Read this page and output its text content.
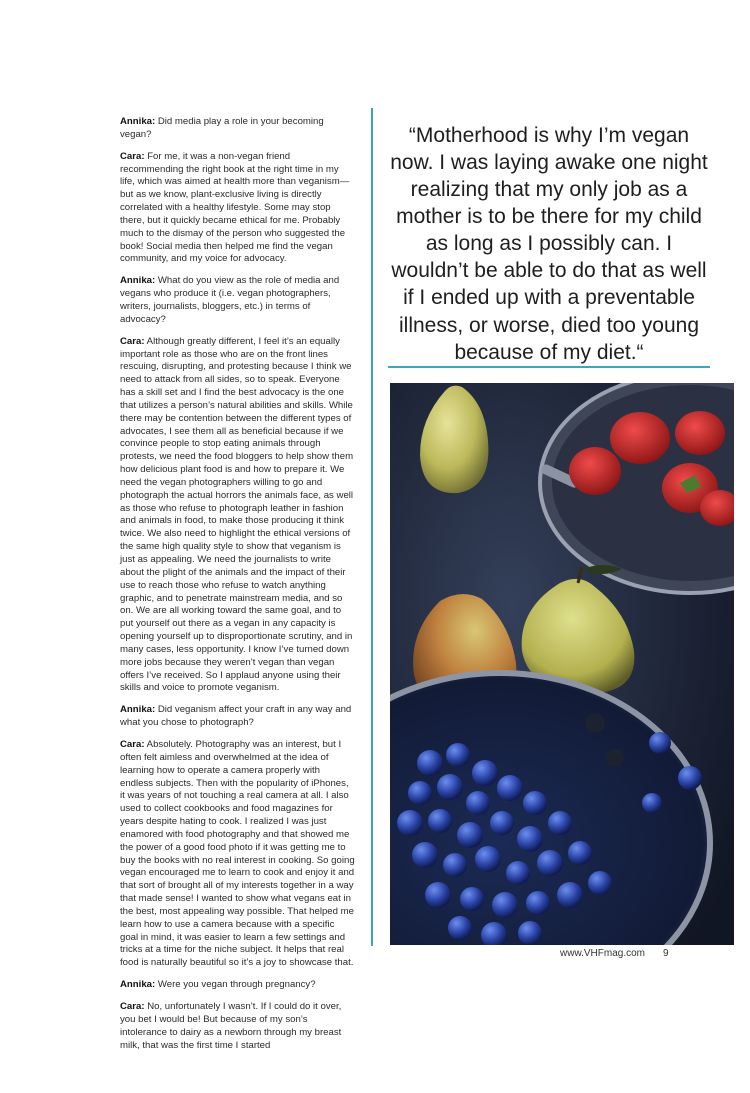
Annika: Did media play a role in your becoming vegan?

Cara: For me, it was a non-vegan friend recommending the right book at the right time in my life, which was aimed at health more than veganism—but as we know, plant-exclusive living is directly correlated with a healthy lifestyle. Some may stop there, but it quickly became ethical for me. Probably much to the dismay of the person who suggested the book! Social media then helped me find the vegan community, and my voice for advocacy.

Annika: What do you view as the role of media and vegans who produce it (i.e. vegan photographers, writers, journalists, bloggers, etc.) in terms of advocacy?

Cara: Although greatly different, I feel it’s an equally important role as those who are on the front lines rescuing, disrupting, and protesting because I think we need to attack from all sides, so to speak. Everyone has a skill set and I find the best advocacy is the one that utilizes a person’s natural abilities and skills. While there may be contention between the different types of advocates, I see them all as beneficial because if we convince people to stop eating animals through protests, we need the food bloggers to help show them how delicious plant food is and how to prepare it. We need the vegan photographers willing to go and photograph the actual horrors the animals face, as well as those who refuse to photograph leather in fashion and animals in food, to make those producing it think twice. We also need to highlight the ethical versions of the same high quality style to show that veganism is just as appealing. We need the journalists to write about the plight of the animals and the impact of their use to reach those who refuse to watch anything graphic, and to penetrate mainstream media, and so on. We are all working toward the same goal, and to put yourself out there as a vegan in any capacity is opening yourself up to disproportionate scrutiny, and in many cases, less opportunity. I know I’ve turned down more jobs because they weren’t vegan than vegan offers I’ve received. So I applaud anyone using their skills and voice to promote veganism.

Annika: Did veganism affect your craft in any way and what you chose to photograph?

Cara: Absolutely. Photography was an interest, but I often felt aimless and overwhelmed at the idea of learning how to operate a camera properly with endless subjects. Then with the popularity of iPhones, it was years of not touching a real camera at all. I also used to collect cookbooks and food magazines for years despite hating to cook. I realized I was just enamored with food photography and that showed me the power of a good food photo if it was getting me to buy the books with no real interest in cooking. So going vegan encouraged me to learn to cook and enjoy it and that sort of brought all of my interests together in a way that made sense! I wanted to show what vegans eat in the best, most appealing way possible. That helped me learn how to use a camera because with a specific goal in mind, it was easier to learn a few settings and tricks at a time for the niche subject. It helps that real food is naturally beautiful so it’s a joy to showcase that.

Annika: Were you vegan through pregnancy?

Cara: No, unfortunately I wasn’t. If I could do it over, you bet I would be! But because of my son’s intolerance to dairy as a newborn through my breast milk, that was the first time I started

“Motherhood is why I’m vegan now. I was laying awake one night realizing that my only job as a mother is to be there for my child as long as I possibly can. I wouldn’t be able to do that as well if I ended up with a preventable illness, or worse, died too young because of my diet.“
www.VHFmag.com 9
